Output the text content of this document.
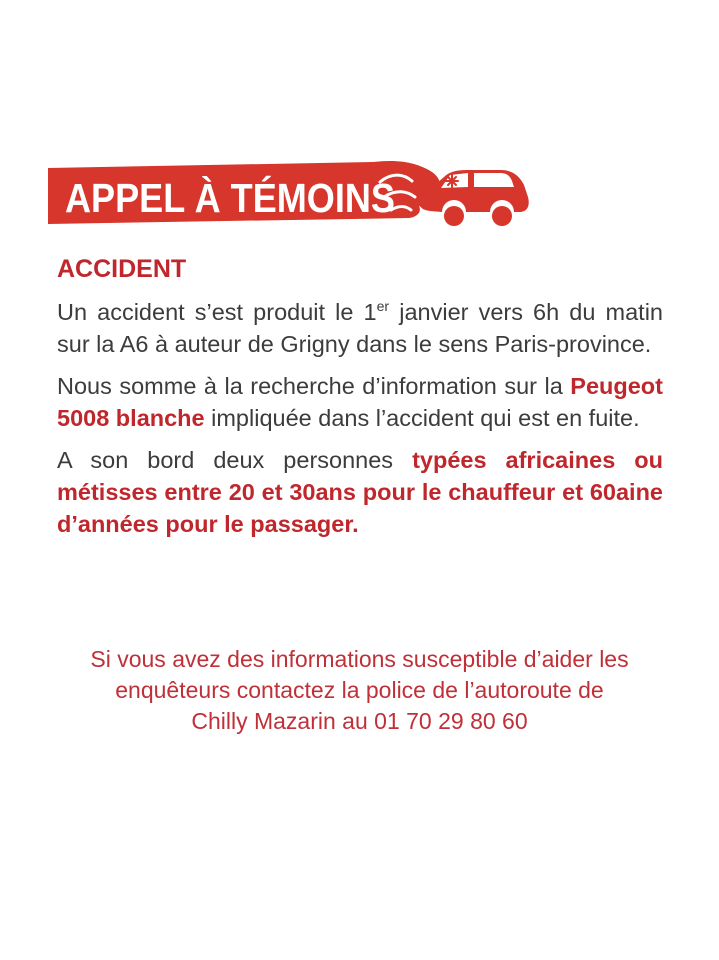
APPEL À TÉMOINS
ACCIDENT

Un accident s’est produit le 1er janvier vers 6h du matin sur la A6 à auteur de Grigny dans le sens Paris-province.

Nous somme à la recherche d’information sur la Peugeot 5008 blanche impliquée dans l’accident qui est en fuite.

A son bord deux personnes typées africaines ou métisses entre 20 et 30ans pour le chauffeur et 60aine d’années pour le passager.

Si vous avez des informations susceptible d’aider les
enquêteurs contactez la police de l’autoroute de
Chilly Mazarin au 01 70 29 80 60
